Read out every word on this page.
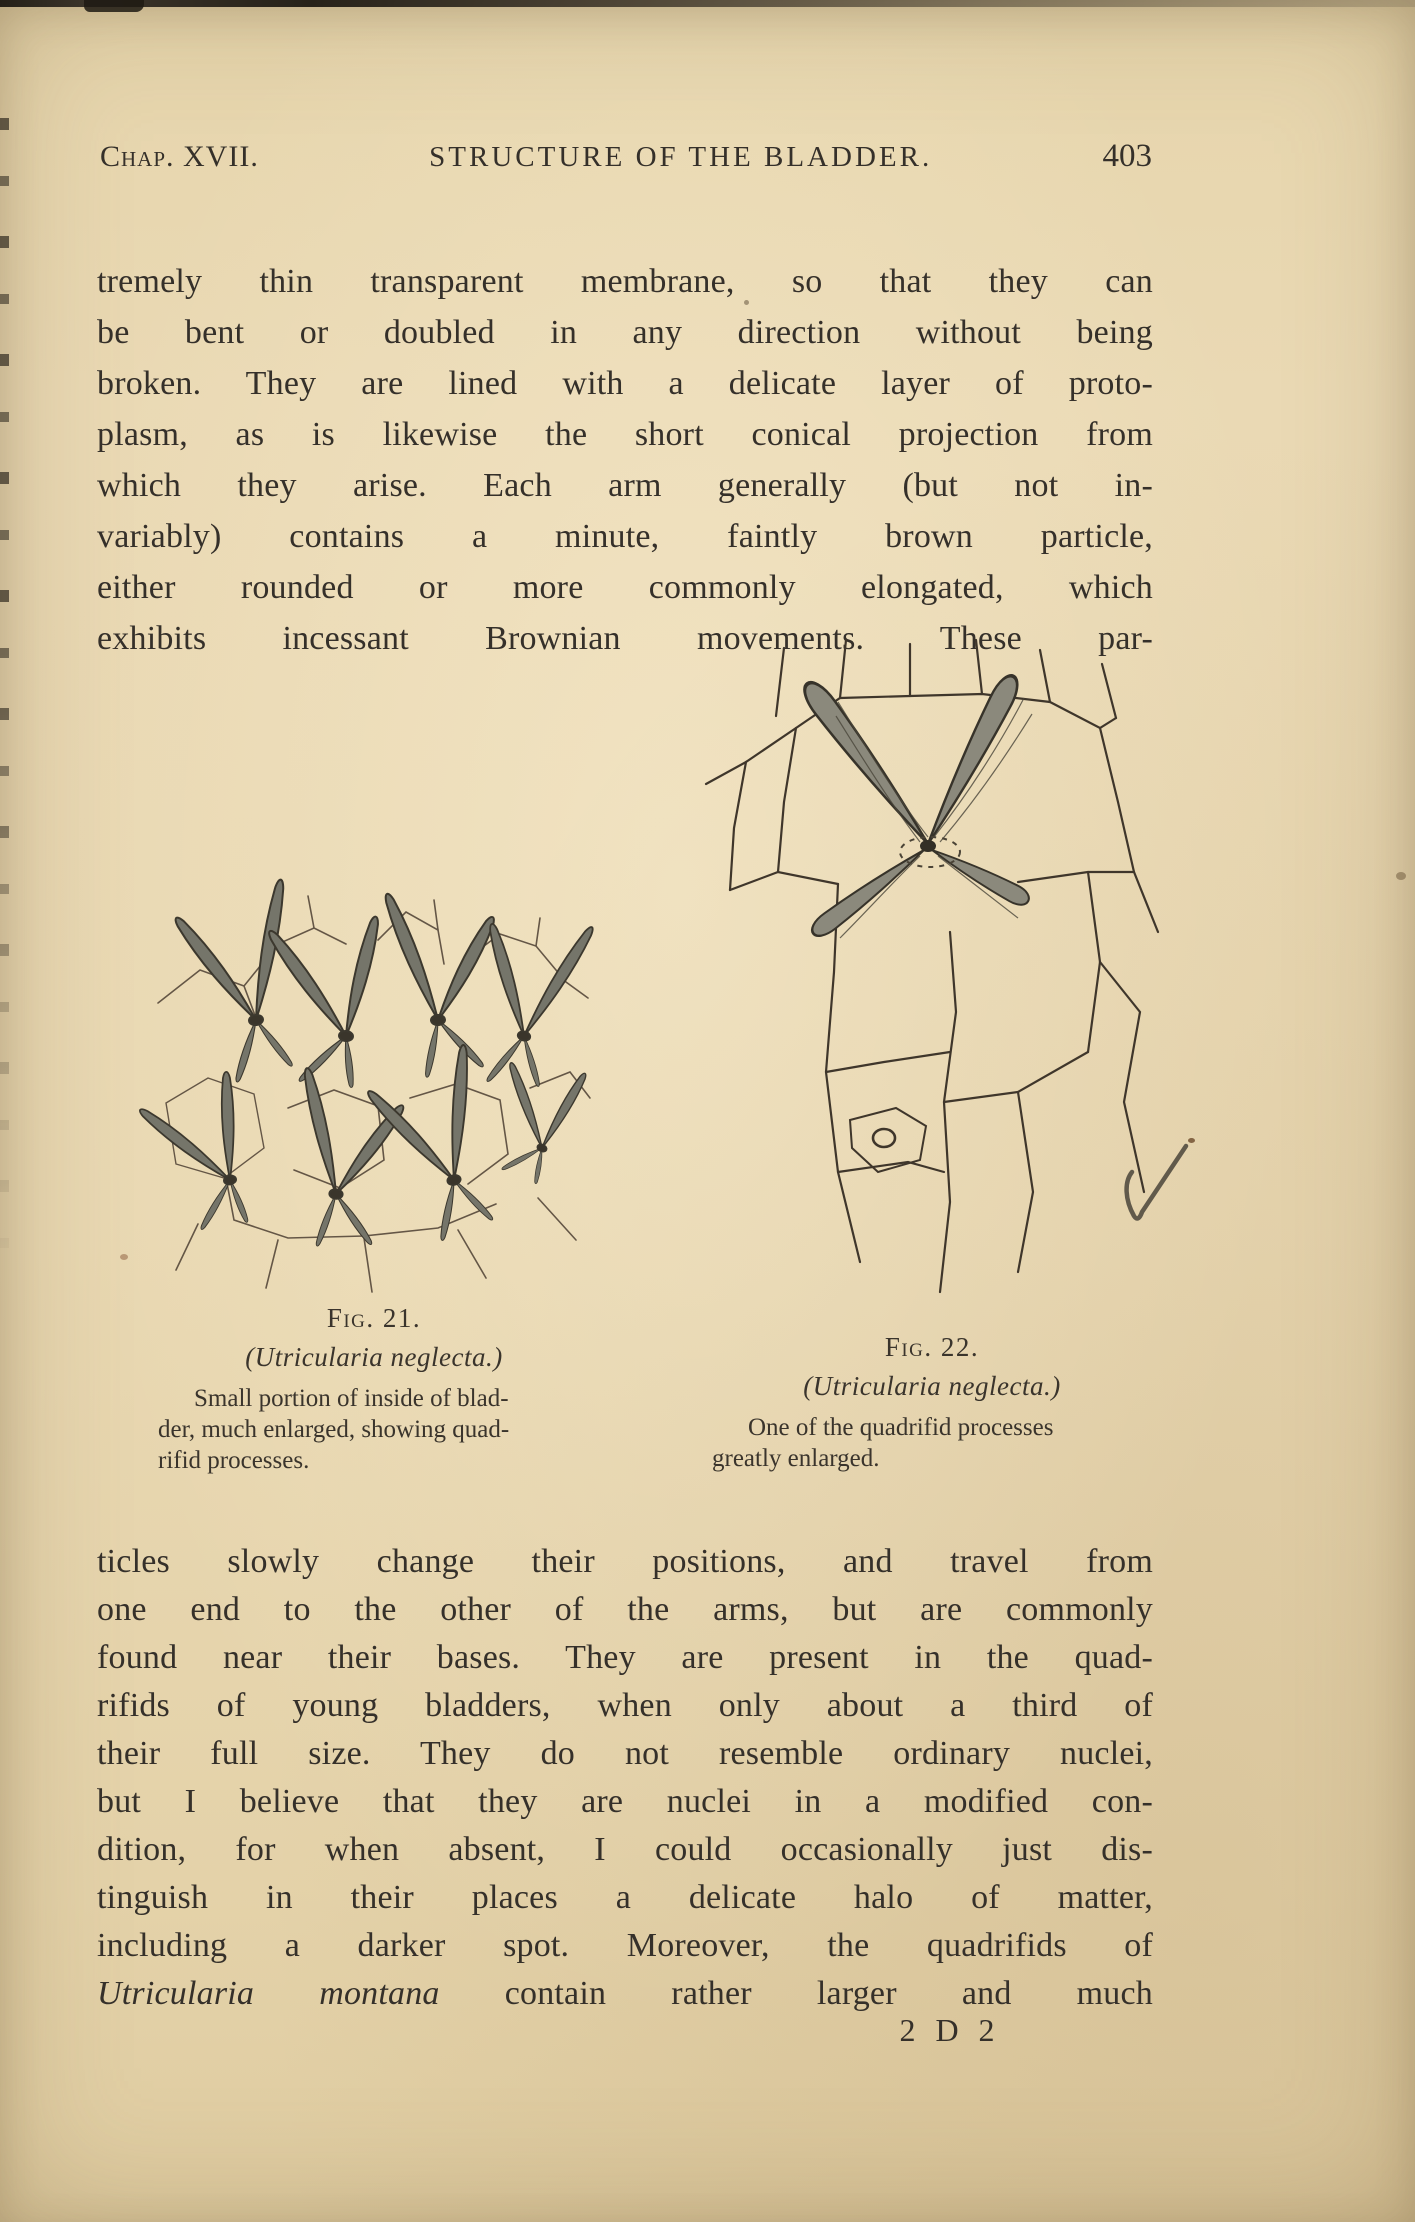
Chap. XVII.	STRUCTURE OF THE BLADDER.	403
tremely thin transparent membrane, so that they can
be bent or doubled in any direction without being
broken. They are lined with a delicate layer of proto-
plasm, as is likewise the short conical projection from
which they arise. Each arm generally (but not in-
variably) contains a minute, faintly brown particle,
either rounded or more commonly elongated, which
exhibits incessant Brownian movements. These par-
Fig. 21.
(Utricularia neglecta.)

Small portion of inside of blad-
der, much enlarged, showing quad-
rifid processes.

Fig. 22.
(Utricularia neglecta.)

One of the quadrifid processes
greatly enlarged.

ticles slowly change their positions, and travel from
one end to the other of the arms, but are commonly
found near their bases. They are present in the quad-
rifids of young bladders, when only about a third of
their full size. They do not resemble ordinary nuclei,
but I believe that they are nuclei in a modified con-
dition, for when absent, I could occasionally just dis-
tinguish in their places a delicate halo of matter,
including a darker spot. Moreover, the quadrifids of
Utricularia montana contain rather larger and much
2 D 2
